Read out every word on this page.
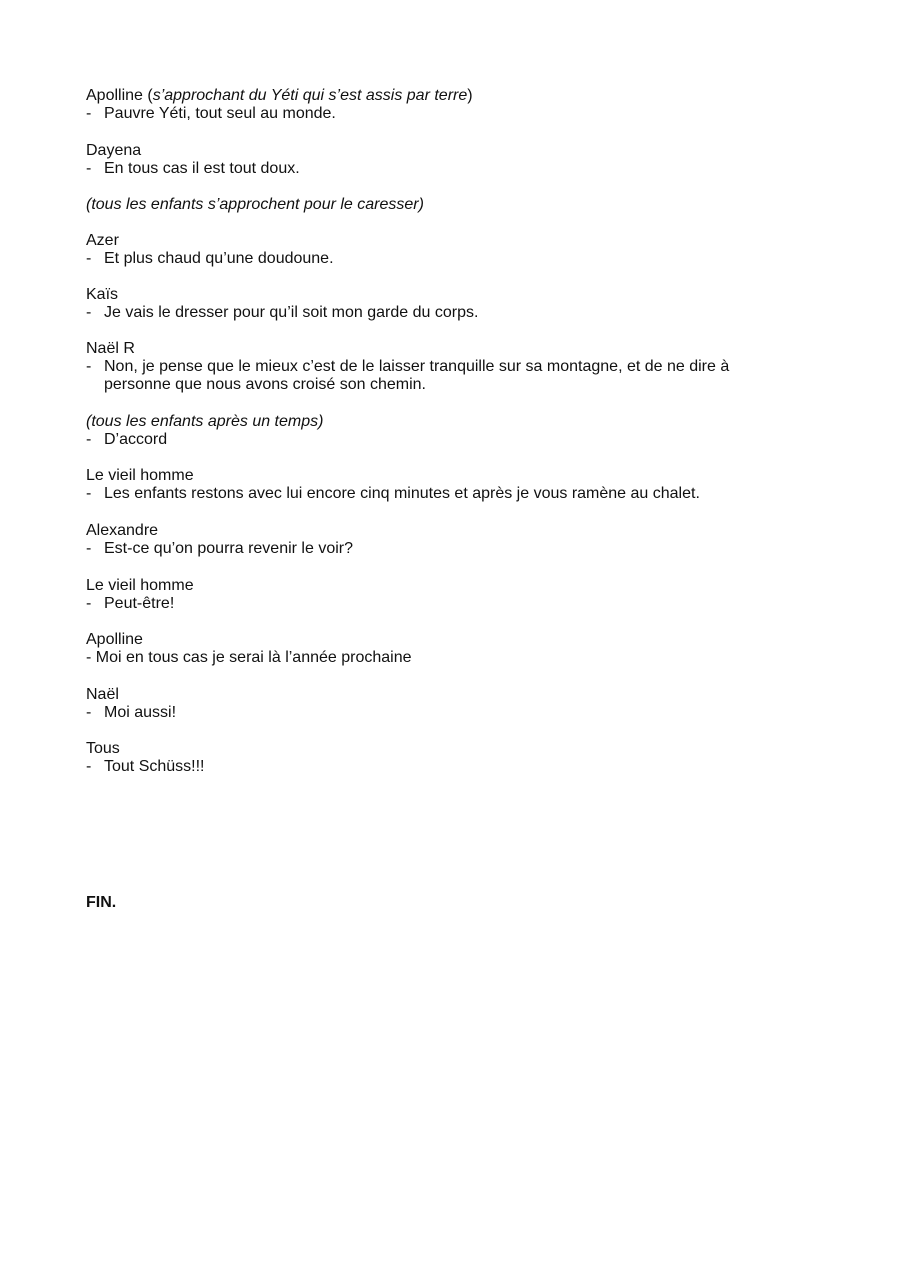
Apolline (s’approchant du Yéti qui s’est assis par terre)

- Pauvre Yéti, tout seul au monde.

Dayena

- En tous cas il est tout doux.

(tous les enfants s’approchent pour le caresser)

Azer

- Et plus chaud qu’une doudoune.

Kaïs

- Je vais le dresser pour qu’il soit mon garde du corps.

Naël R

- Non, je pense que le mieux c’est de le laisser tranquille sur sa montagne, et de ne dire à personne que nous avons croisé son chemin.

(tous les enfants après un temps)

- D’accord

Le vieil homme

- Les enfants restons avec lui encore cinq minutes et après je vous ramène au chalet.

Alexandre

- Est-ce qu’on pourra revenir le voir?

Le vieil homme

- Peut-être!

Apolline

- Moi en tous cas je serai là l’année prochaine

Naël

- Moi aussi!

Tous

- Tout Schüss!!!

FIN.
